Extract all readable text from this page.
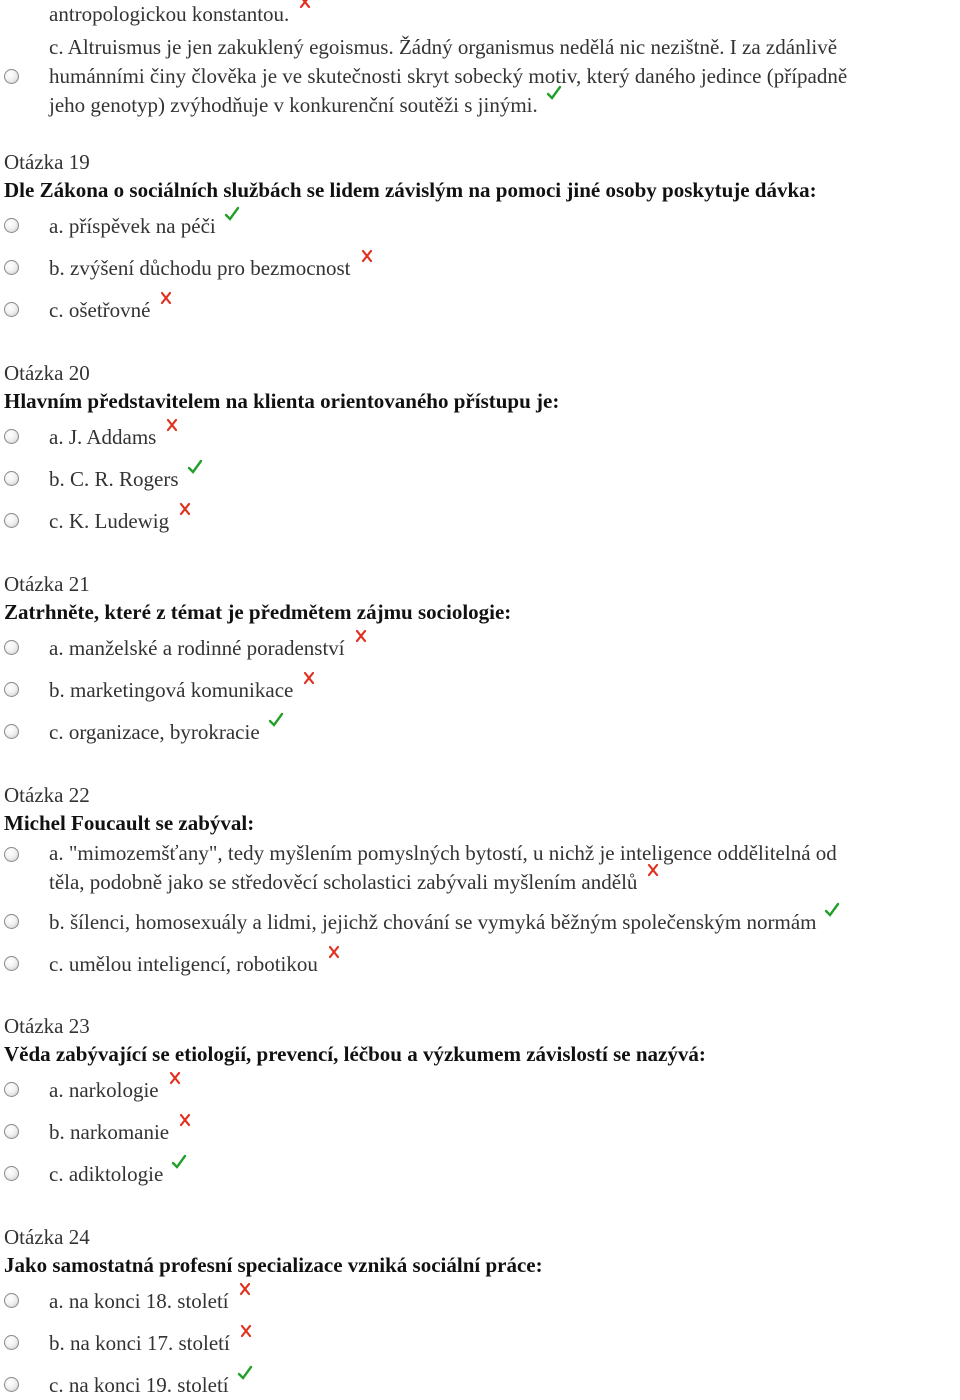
antropologickou konstantou.
c. Altruismus je jen zakuklený egoismus. Žádný organismus nedělá nic nezištně. I za zdánlivě
humánními činy člověka je ve skutečnosti skryt sobecký motiv, který daného jedince (případně
jeho genotyp) zvýhodňuje v konkurenční soutěži s jinými.
Otázka 19
Dle Zákona o sociálních službách se lidem závislým na pomoci jiné osoby poskytuje dávka:
a. příspěvek na péči
b. zvýšení důchodu pro bezmocnost
c. ošetřovné
Otázka 20
Hlavním představitelem na klienta orientovaného přístupu je:
a. J. Addams
b. C. R. Rogers
c. K. Ludewig
Otázka 21
Zatrhněte, které z témat je předmětem zájmu sociologie:
a. manželské a rodinné poradenství
b. marketingová komunikace
c. organizace, byrokracie
Otázka 22
Michel Foucault se zabýval:
a. "mimozemšťany", tedy myšlením pomyslných bytostí, u nichž je inteligence oddělitelná od
těla, podobně jako se středověcí scholastici zabývali myšlením andělů
b. šílenci, homosexuály a lidmi, jejichž chování se vymyká běžným společenským normám
c. umělou inteligencí, robotikou
Otázka 23
Věda zabývající se etiologií, prevencí, léčbou a výzkumem závislostí se nazývá:
a. narkologie
b. narkomanie
c. adiktologie
Otázka 24
Jako samostatná profesní specializace vzniká sociální práce:
a. na konci 18. století
b. na konci 17. století
c. na konci 19. století
